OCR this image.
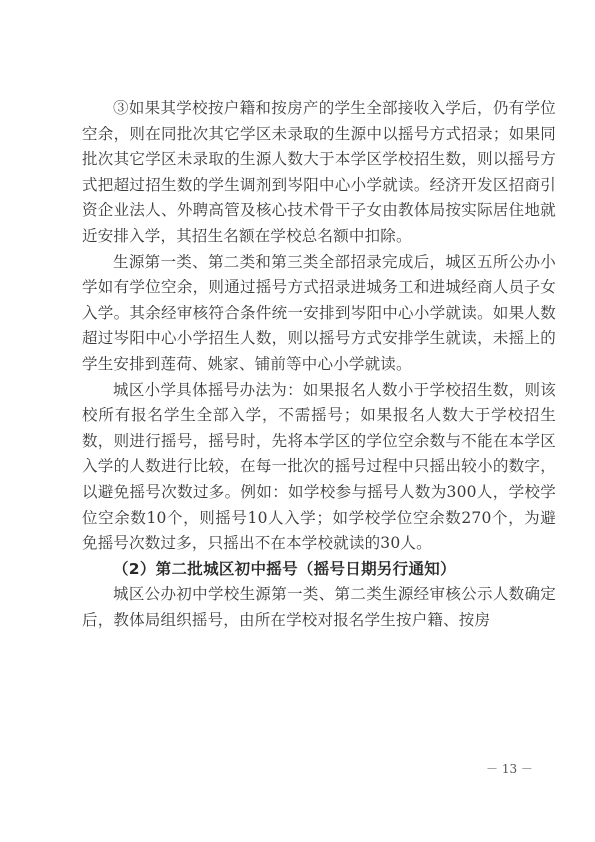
③如果其学校按户籍和按房产的学生全部接收入学后，仍有学位空余，则在同批次其它学区未录取的生源中以摇号方式招录；如果同批次其它学区未录取的生源人数大于本学区学校招生数，则以摇号方式把超过招生数的学生调剂到岑阳中心小学就读。经济开发区招商引资企业法人、外聘高管及核心技术骨干子女由教体局按实际居住地就近安排入学，其招生名额在学校总名额中扣除。

生源第一类、第二类和第三类全部招录完成后，城区五所公办小学如有学位空余，则通过摇号方式招录进城务工和进城经商人员子女入学。其余经审核符合条件统一安排到岑阳中心小学就读。如果人数超过岑阳中心小学招生人数，则以摇号方式安排学生就读，未摇上的学生安排到莲荷、姚家、铺前等中心小学就读。

城区小学具体摇号办法为：如果报名人数小于学校招生数，则该校所有报名学生全部入学，不需摇号；如果报名人数大于学校招生数，则进行摇号，摇号时，先将本学区的学位空余数与不能在本学区入学的人数进行比较，在每一批次的摇号过程中只摇出较小的数字，以避免摇号次数过多。例如：如学校参与摇号人数为300人，学校学位空余数10个，则摇号10人入学；如学校学位空余数270个，为避免摇号次数过多，只摇出不在本学校就读的30人。

（2）第二批城区初中摇号（摇号日期另行通知）

城区公办初中学校生源第一类、第二类生源经审核公示人数确定后，教体局组织摇号，由所在学校对报名学生按户籍、按房

－ 13 －
